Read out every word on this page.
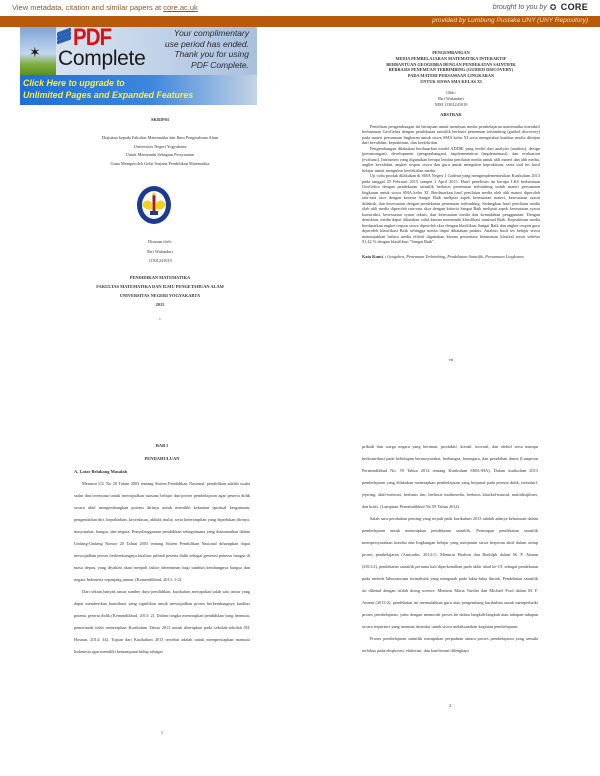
View metadata, citation and similar papers at core.ac.uk	brought to you by ✪ CORE
provided by Lumbung Pustaka UNY (UNY Repository)
✶
PDF
Complete
Your complimentary
use period has ended.
Thank you for using
PDF Complete.
Click Here to upgrade to
Unlimited Pages and Expanded Features
SKRIPSI
Diajukan kepada Fakultas Matematika dan Ilmu Pengetahuan Alam
Universitas Negeri Yogyakarta
Untuk Memenuhi Sebagian Persyaratan
Guna Memperoleh Gelar Sarjana Pendidikan Matematika
Disusun oleh:
Riri Wulandari
11301241019
PENDIDIKAN MATEMATIKA
FAKULTAS MATEMATIKA DAN ILMU PENGETAHUAN ALAM
UNIVERSITAS NEGERI YOGYAKARTA
2015
i
PENGEMBANGAN
MEDIA PEMBELAJARAN MATEMATIKA INTERAKTIF
BERBANTUAN GEOGEBRA DENGAN PENDEKATAN SAINTIFIK
BERBASIS PENEMUAN TERBIMBING (GUIDED DISCOVERY)
PADA MATERI PERSAMAAN LINGKARAN
UNTUK SISWA SMA KELAS XI
Oleh:
Riri Wulandari
NIM 11301241019
ABSTRAK

Penelitian pengembangan ini bertujuan untuk membuat media pembelajaran matematika interaktif berbantuan GeoGebra dengan pendekatan saintifik berbasis penemuan terbimbing (guided discovery) pada materi persamaan lingkaran untuk siswa SMA kelas XI serta mengetahui kualitas media ditinjau dari kevalidan, kepraktisan, dan keefektifan.

Pengembangan dilakukan berdasarkan model ADDIE yang terdiri dari analysis (analisis), design (perancangan), development (pengembangan), implementation (implementasi), dan evaluation (evaluasi). Instrumen yang digunakan berupa lembar penilaian media untuk ahli materi dan ahli media, angket kevalidan, angket respon siswa dan guru untuk mengukur kepraktisan, serta soal tes hasil belajar untuk mengukur keefektifan media.

Uji coba produk dilakukan di SMA Negeri 1 Godean yang mengimplementasikan Kurikulum 2013 pada tanggal 25 Februari 2015 sampai 1 April 2015. Hasil penelitian ini berupa LKS berbantuan GeoGebra dengan pendekatan saintifik berbasis penemuan terbimbing untuk materi persamaan lingkaran untuk siswa SMA kelas XI. Berdasarkan hasil penilaian media oleh ahli materi diperoleh rata-rata skor dengan kriteria Sangat Baik meliputi aspek kesesuaian materi, kesesuaian syarat didaktik, dan kesesuaian dengan pendekatan penemuan terbimbing. Sedangkan hasil penilaian media oleh ahli media diperoleh rata-rata skor dengan kriteria Sangat Baik meliputi aspek kesesuaian syarat konstruksi, kesesuaian syarat teknis, dan kesesuaian media dan kemudahan penggunaan. Dengan demikian, media dapat dikatakan valid karena memenuhi klasifikasi minimal Baik. Kepraktisan media berdasarkan angket respon siswa diperoleh skor dengan klasifikasi Sangat Baik dan angket respon guru diperoleh klasifikasi Baik sehingga media dapat dikatakan praktis. Analisis hasil tes belajar siswa menunjukkan bahwa media efektif digunakan karena persentase ketuntasan klasikal siswa sebesar 91,42 % dengan klasifikasi "Sangat Baik".

Kata Kunci : Geogebra, Penemuan Terbimbing, Pendekatan Saintifik, Persamaan Lingkaran
vii
BAB I
PENDAHULUAN
A. Latar Belakang Masalah

Menurut UU No 20 Tahun 2003 tentang Sistem Pendidikan Nasional, pendidikan adalah usaha sadar dan terencana untuk mewujudkan suasana belajar dan proses pembelajaran agar peserta didik secara aktif mengembangkan potensi dirinya untuk memiliki kekuatan spiritual keagamaan, pengendalian diri, kepribadian, kecerdasan, akhlak mulia, serta keterampilan yang diperlukan dirinya, masyarakat, bangsa, dan negara. Penyelenggaraan pendidikan sebagaimana yang diamanatkan dalam Undang-Undang Nomor 20 Tahun 2003 tentang Sistem Pendidikan Nasional diharapkan dapat mewujudkan proses berkembangnya kualitas pribadi peserta didik sebagai generasi penerus bangsa di masa depan, yang diyakini akan menjadi faktor determinan bagi tumbuh kembangnya bangsa dan negara Indonesia sepanjang jaman. (Kemendikbud, 2013: 1-2).

Dari sekian banyak unsur sumber daya pendidikan, kurikulum merupakan salah satu unsur yang dapat memberikan kontribusi yang signifikan untuk mewujudkan proses berkembangnya kualitas potensi peserta didik (Kemendikbud, 2013: 2). Dalam rangka menerapkan pendidikan yang bermutu, pemerintah telah menerapkan Kurikulum Tahun 2013 untuk diterapkan pada sekolah-sekolah (M. Hosnan, 2014: 34). Tujuan dari Kurikulum 2013 tersebut adalah untuk mempersiapkan manusia Indonesia agar memiliki kemampuan hidup sebagai

1

pribadi dan warga negara yang beriman, produktif, kreatif, inovatif, dan afektif serta mampu berkontribusi pada kehidupan bermasyarakat, berbangsa, bernegara, dan peradaban dunia (Lampiran Permendikbud No. 59 Tahun 2014 tentang Kurikulum SMA-MA). Dalam kurikulum 2013 pembelajaran yang dilakukan menerapkan pembelajaran yang berpusat pada peserta didik, interaktif, jejaring, aktif-mencari, berbasis tim, berbasis multimedia, berbasis klasikal-massal, multidisipliner, dan kritis. (Lampiran Permendikbud No 59 Tahun 2014).

Salah satu perubahan penting yang terjadi pada kurikulum 2013 adalah adanya keharusan dalam pembelajaran untuk menerapkan pendekatan saintifik. Penerapan pendekatan saintifik mempersyaratkan kondisi dan lingkungan belajar yang menjamin siswa berperan aktif dalam setiap proses pembelajaran (Amirudin, 2014:1). Menurut Hudson dan Rudolph dalam M. F. Atsnan (2013:2), pendekatan saintifik pertama kali diperkenalkan pada akhir abad ke-19, sebagai pendekatan pada metode laboratorium formalistik yang mengarah pada fakta-fakta ilmiah. Pendekatan saintifik ini dikenal dengan istilah doing science. Menurut Maria Varelas dan Michael Ford dalam M. F. Atsnan (2013:2), pendekatan ini memudahkan guru atau pengembang kurikulum untuk memperbaiki proses pembelajaran, yaitu dengan memecah proses ke dalam langkah-langkah atau tahapan-tahapan secara terperinci yang memuat instruksi untuk siswa melaksanakan kegiatan pembelajaran.

Proses pembelajaran saintifik merupakan perpaduan antara proses pembelajaran yang semula terfokus pada eksplorasi, elaborasi, dan konfirmasi dilengkapi

2
